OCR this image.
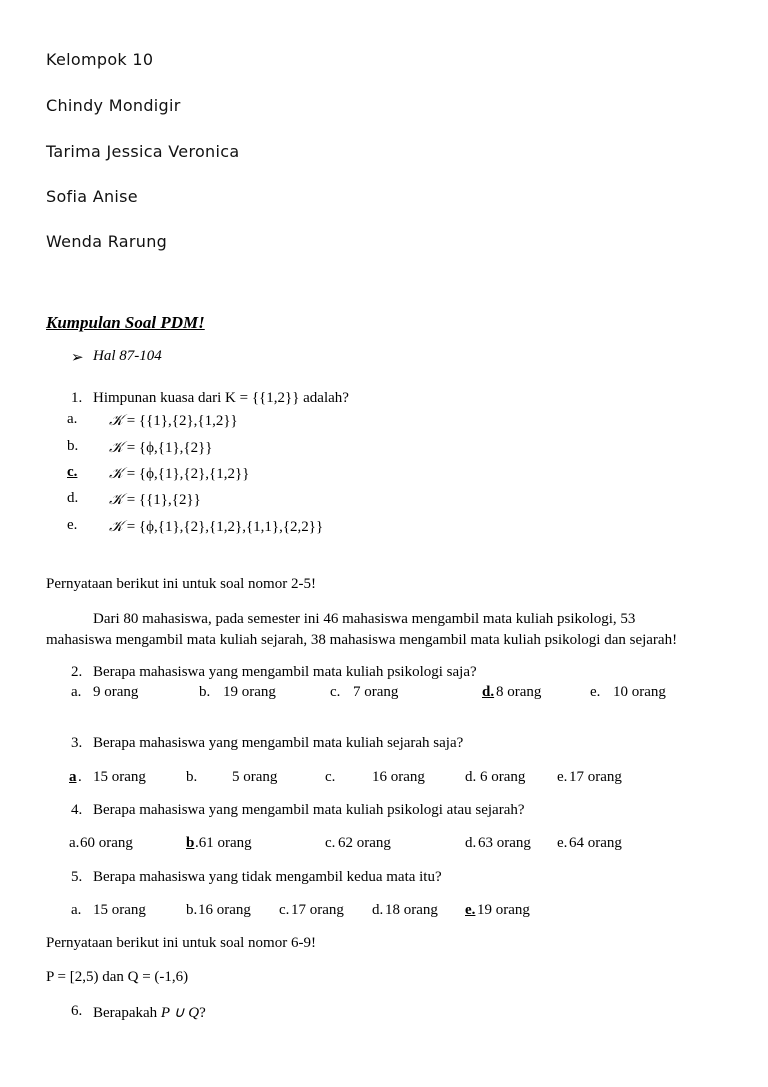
Kelompok 10
Chindy Mondigir
Tarima Jessica Veronica
Sofia Anise
Wenda Rarung
Kumpulan Soal PDM!
➢ Hal 87-104
1. Himpunan kuasa dari K = {{1,2}} adalah?
a. 𝒦 = {{1},{2},{1,2}}
b. 𝒦 = {ϕ,{1},{2}}
c. 𝒦 = {ϕ,{1},{2},{1,2}}
d. 𝒦 = {{1},{2}}
e. 𝒦 = {ϕ,{1},{2},{1,2},{1,1},{2,2}}
Pernyataan berikut ini untuk soal nomor 2-5!
Dari 80 mahasiswa, pada semester ini 46 mahasiswa mengambil mata kuliah psikologi, 53
mahasiswa mengambil mata kuliah sejarah, 38 mahasiswa mengambil mata kuliah psikologi dan sejarah!
2. Berapa mahasiswa yang mengambil mata kuliah psikologi saja?
a. 9 orang	b. 19 orang	c. 7 orang	d. 8 orang	e. 10 orang
3. Berapa mahasiswa yang mengambil mata kuliah sejarah saja?
a .   15 orang	b. 5 orang	c. 16 orang	d. 6 orang e. 17 orang
4. Berapa mahasiswa yang mengambil mata kuliah psikologi atau sejarah?
a. 60 orang	b .61 orang	c. 62 orang	d. 63 orang e. 64 orang
5. Berapa mahasiswa yang tidak mengambil kedua mata itu?
a. 15 orang	b. 16 orang c. 17 orang d. 18 orang e. 19 orang
Pernyataan berikut ini untuk soal nomor 6-9!
P = [2,5) dan Q = (-1,6)
6. Berapakah P ∪ Q?
